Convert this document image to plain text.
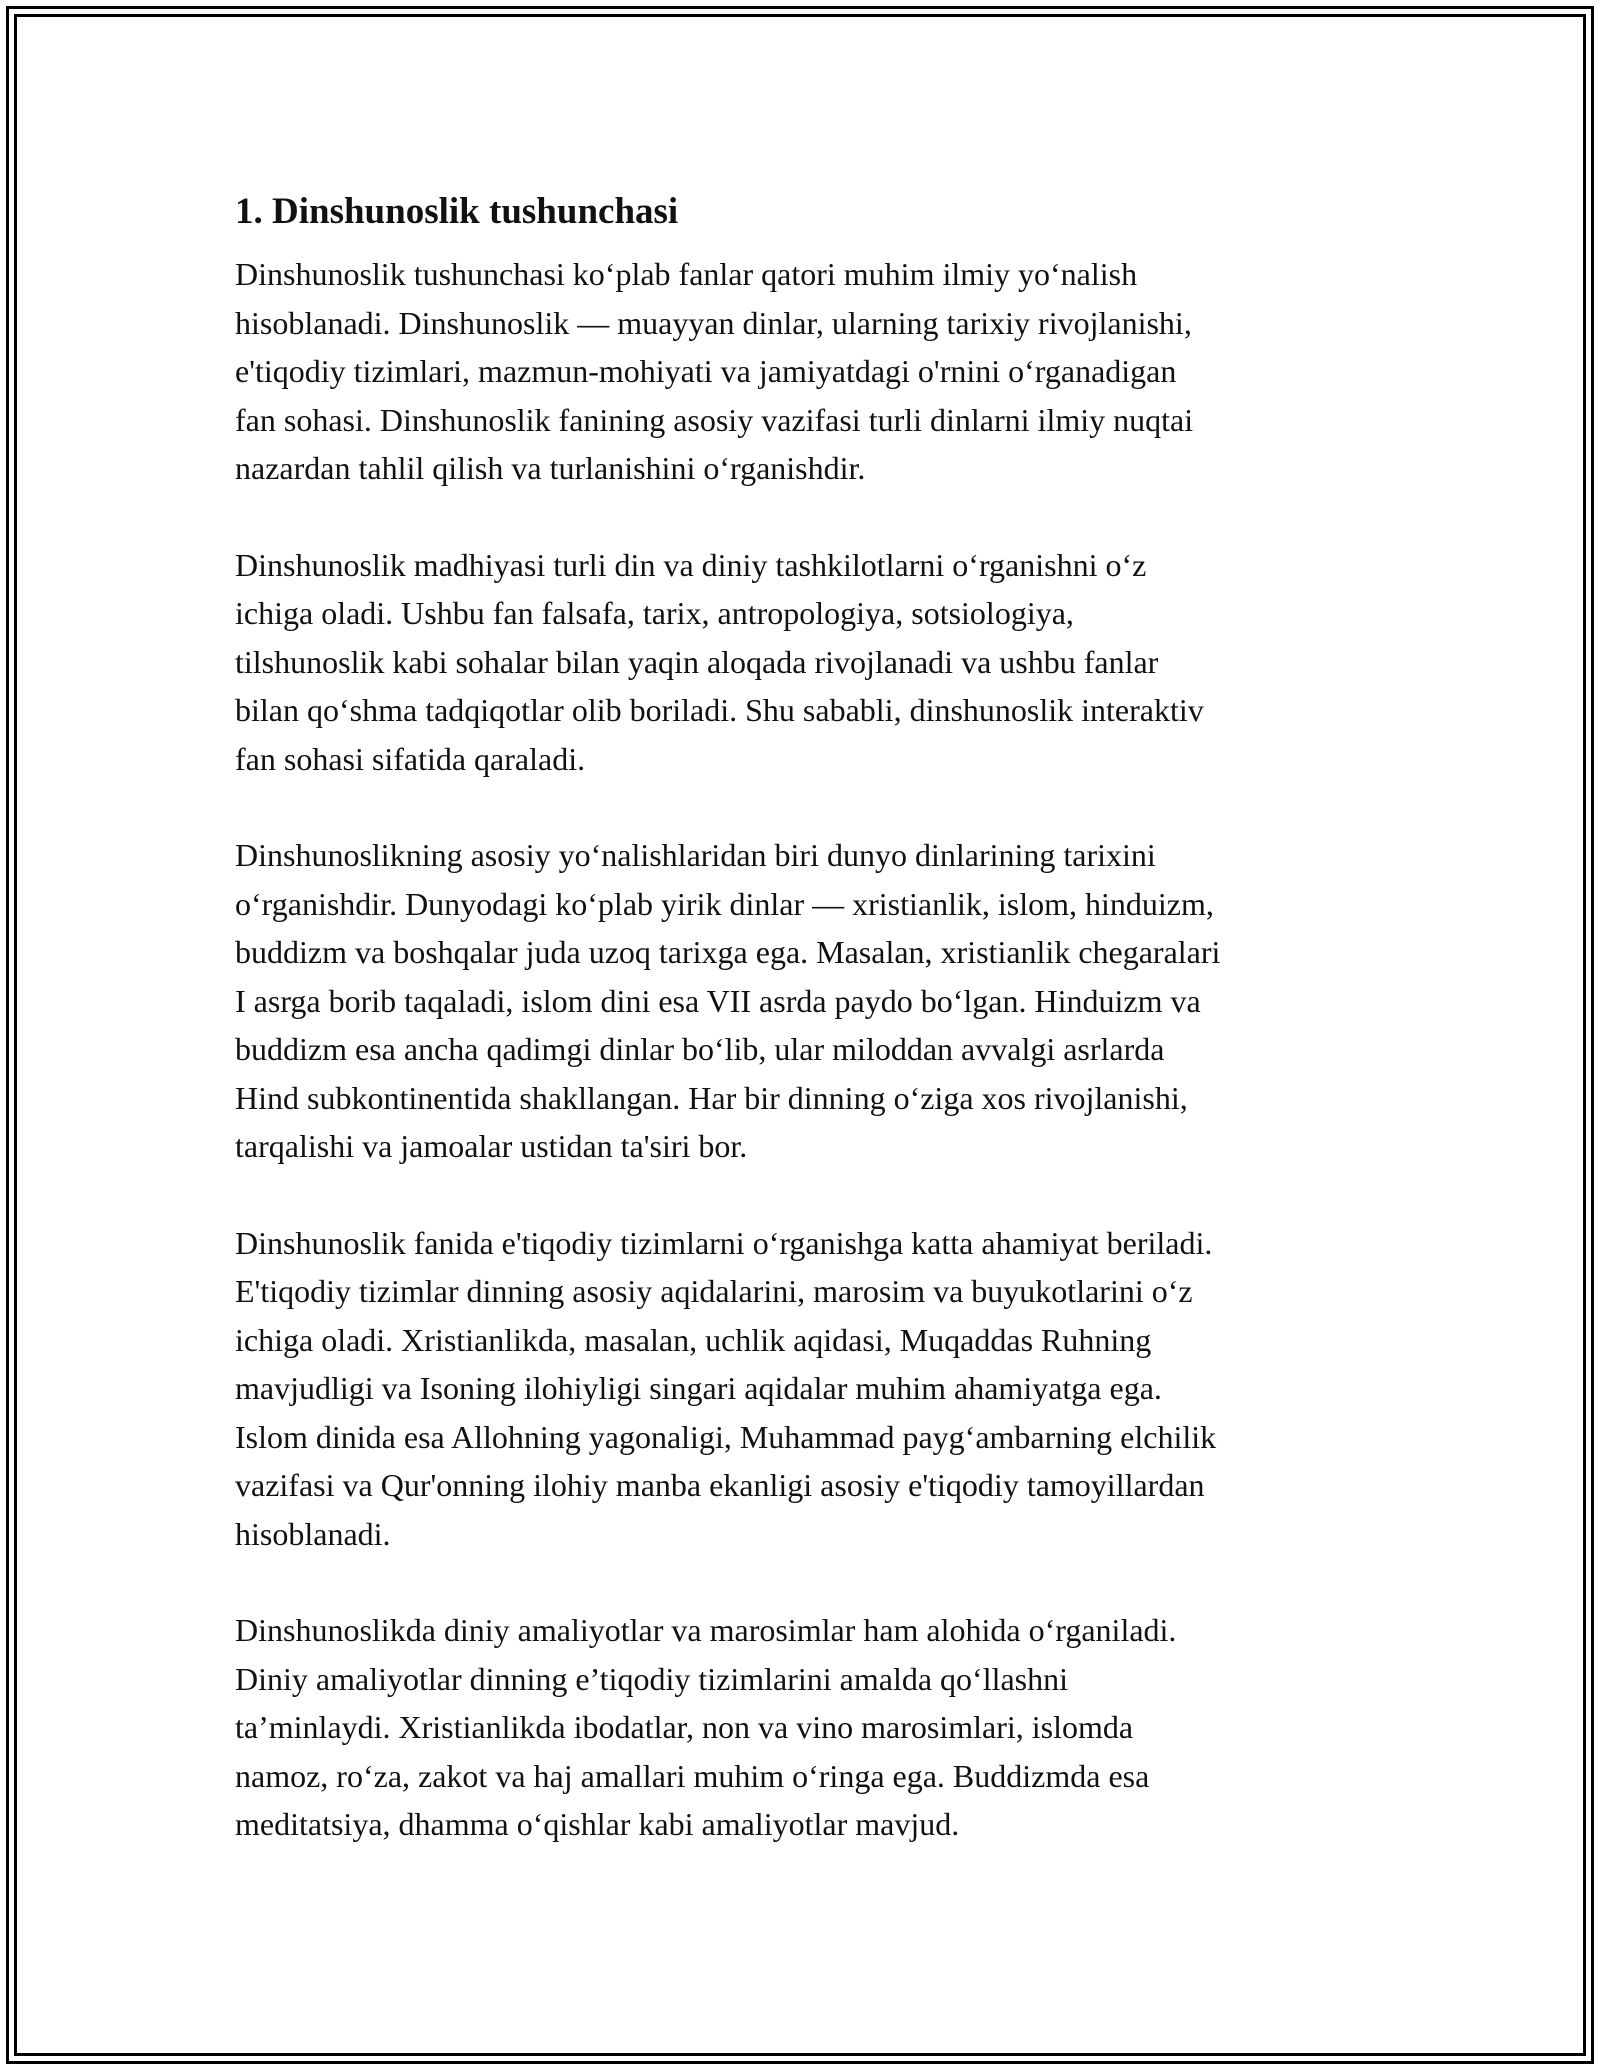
1. Dinshunoslik tushunchasi
Dinshunoslik tushunchasi ko‘plab fanlar qatori muhim ilmiy yo‘nalish
hisoblanadi. Dinshunoslik — muayyan dinlar, ularning tarixiy rivojlanishi,
e'tiqodiy tizimlari, mazmun-mohiyati va jamiyatdagi o'rnini o‘rganadigan
fan sohasi. Dinshunoslik fanining asosiy vazifasi turli dinlarni ilmiy nuqtai
nazardan tahlil qilish va turlanishini o‘rganishdir.
Dinshunoslik madhiyasi turli din va diniy tashkilotlarni o‘rganishni o‘z
ichiga oladi. Ushbu fan falsafa, tarix, antropologiya, sotsiologiya,
tilshunoslik kabi sohalar bilan yaqin aloqada rivojlanadi va ushbu fanlar
bilan qo‘shma tadqiqotlar olib boriladi. Shu sababli, dinshunoslik interaktiv
fan sohasi sifatida qaraladi.
Dinshunoslikning asosiy yo‘nalishlaridan biri dunyo dinlarining tarixini
o‘rganishdir. Dunyodagi ko‘plab yirik dinlar — xristianlik, islom, hinduizm,
buddizm va boshqalar juda uzoq tarixga ega. Masalan, xristianlik chegaralari
I asrga borib taqaladi, islom dini esa VII asrda paydo bo‘lgan. Hinduizm va
buddizm esa ancha qadimgi dinlar bo‘lib, ular miloddan avvalgi asrlarda
Hind subkontinentida shakllangan. Har bir dinning o‘ziga xos rivojlanishi,
tarqalishi va jamoalar ustidan ta'siri bor.
Dinshunoslik fanida e'tiqodiy tizimlarni o‘rganishga katta ahamiyat beriladi.
E'tiqodiy tizimlar dinning asosiy aqidalarini, marosim va buyukotlarini o‘z
ichiga oladi. Xristianlikda, masalan, uchlik aqidasi, Muqaddas Ruhning
mavjudligi va Isoning ilohiyligi singari aqidalar muhim ahamiyatga ega.
Islom dinida esa Allohning yagonaligi, Muhammad payg‘ambarning elchilik
vazifasi va Qur'onning ilohiy manba ekanligi asosiy e'tiqodiy tamoyillardan
hisoblanadi.
Dinshunoslikda diniy amaliyotlar va marosimlar ham alohida o‘rganiladi.
Diniy amaliyotlar dinning e’tiqodiy tizimlarini amalda qo‘llashni
ta’minlaydi. Xristianlikda ibodatlar, non va vino marosimlari, islomda
namoz, ro‘za, zakot va haj amallari muhim o‘ringa ega. Buddizmda esa
meditatsiya, dhamma o‘qishlar kabi amaliyotlar mavjud.
